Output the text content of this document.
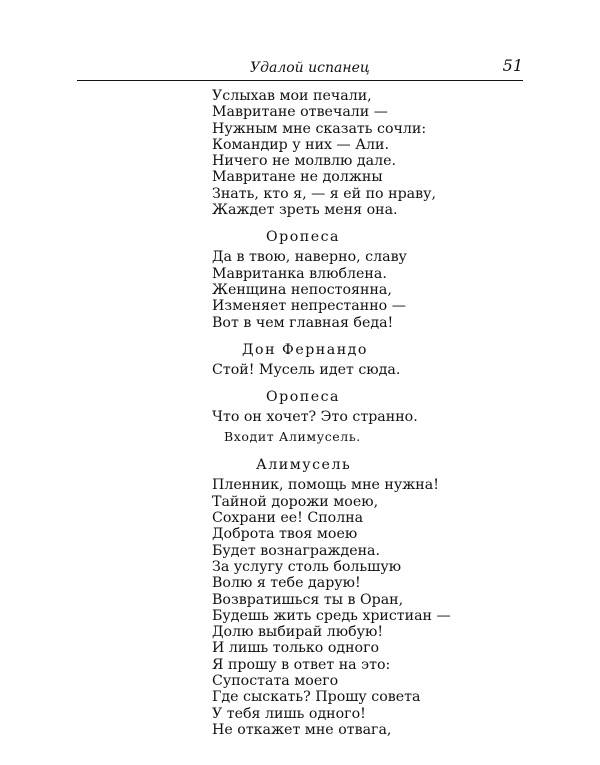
Удалой испанец	51
Услыхав мои печали,
Мавритане отвечали —
Нужным мне сказать сочли:
Командир у них — Али.
Ничего не молвлю дале.
Мавритане не должны
Знать, кто я, — я ей по нраву,
Жаждет зреть меня она.
Оропеса
Да в твою, наверно, славу
Мавританка влюблена.
Женщина непостоянна,
Изменяет непрестанно —
Вот в чем главная беда!
Дон Фернандо
Стой! Мусель идет сюда.
Оропеса
Что он хочет? Это странно.
Входит Алимусель.
Алимусель
Пленник, помощь мне нужна!
Тайной дорожи моею,
Сохрани ее! Сполна
Доброта твоя моею
Будет вознаграждена.
За услугу столь большую
Волю я тебе дарую!
Возвратишься ты в Оран,
Будешь жить средь христиан —
Долю выбирай любую!
И лишь только одного
Я прошу в ответ на это:
Супостата моего
Где сыскать? Прошу совета
У тебя лишь одного!
Не откажет мне отвага,
